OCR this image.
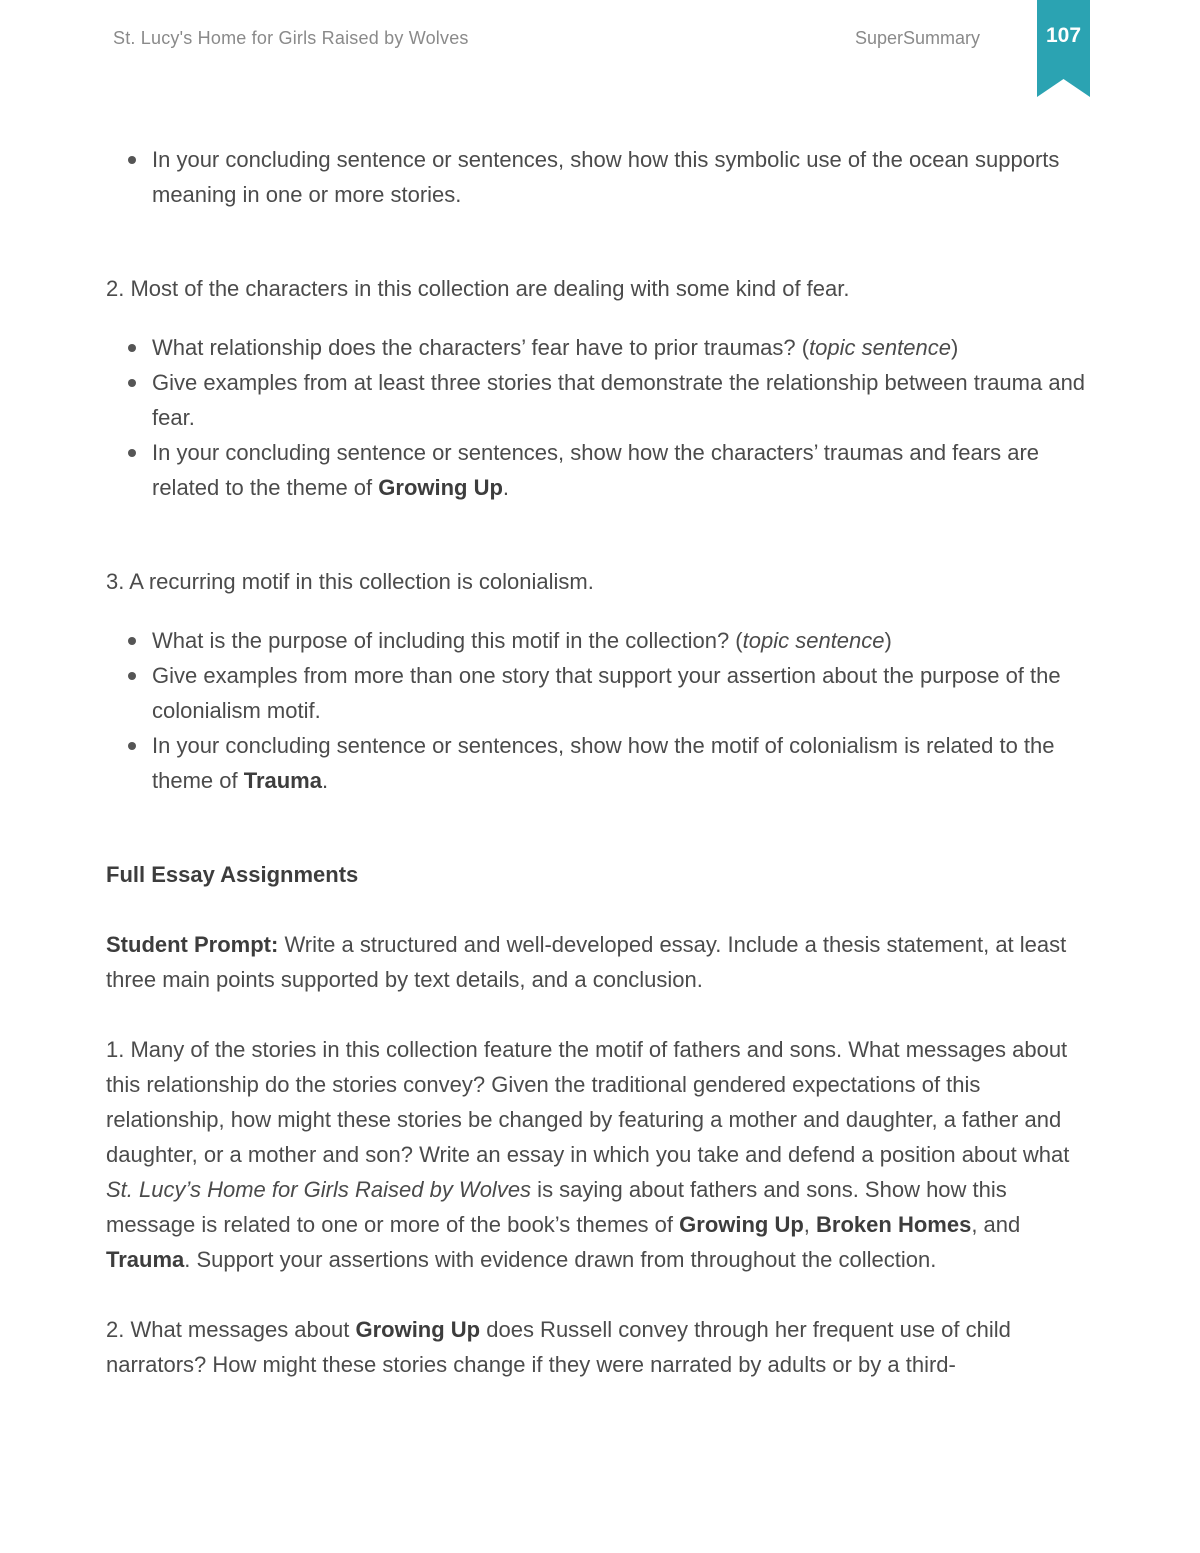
St. Lucy's Home for Girls Raised by Wolves	SuperSummary	107
In your concluding sentence or sentences, show how this symbolic use of the ocean supports meaning in one or more stories.

2. Most of the characters in this collection are dealing with some kind of fear.

What relationship does the characters’ fear have to prior traumas? (topic sentence)
Give examples from at least three stories that demonstrate the relationship between trauma and fear.
In your concluding sentence or sentences, show how the characters’ traumas and fears are related to the theme of Growing Up.

3. A recurring motif in this collection is colonialism.

What is the purpose of including this motif in the collection? (topic sentence)
Give examples from more than one story that support your assertion about the purpose of the colonialism motif.
In your concluding sentence or sentences, show how the motif of colonialism is related to the theme of Trauma.

Full Essay Assignments

Student Prompt: Write a structured and well-developed essay. Include a thesis statement, at least three main points supported by text details, and a conclusion.

1. Many of the stories in this collection feature the motif of fathers and sons. What messages about this relationship do the stories convey? Given the traditional gendered expectations of this relationship, how might these stories be changed by featuring a mother and daughter, a father and daughter, or a mother and son? Write an essay in which you take and defend a position about what St. Lucy’s Home for Girls Raised by Wolves is saying about fathers and sons. Show how this message is related to one or more of the book’s themes of Growing Up, Broken Homes, and Trauma. Support your assertions with evidence drawn from throughout the collection.

2. What messages about Growing Up does Russell convey through her frequent use of child narrators? How might these stories change if they were narrated by adults or by a third-
